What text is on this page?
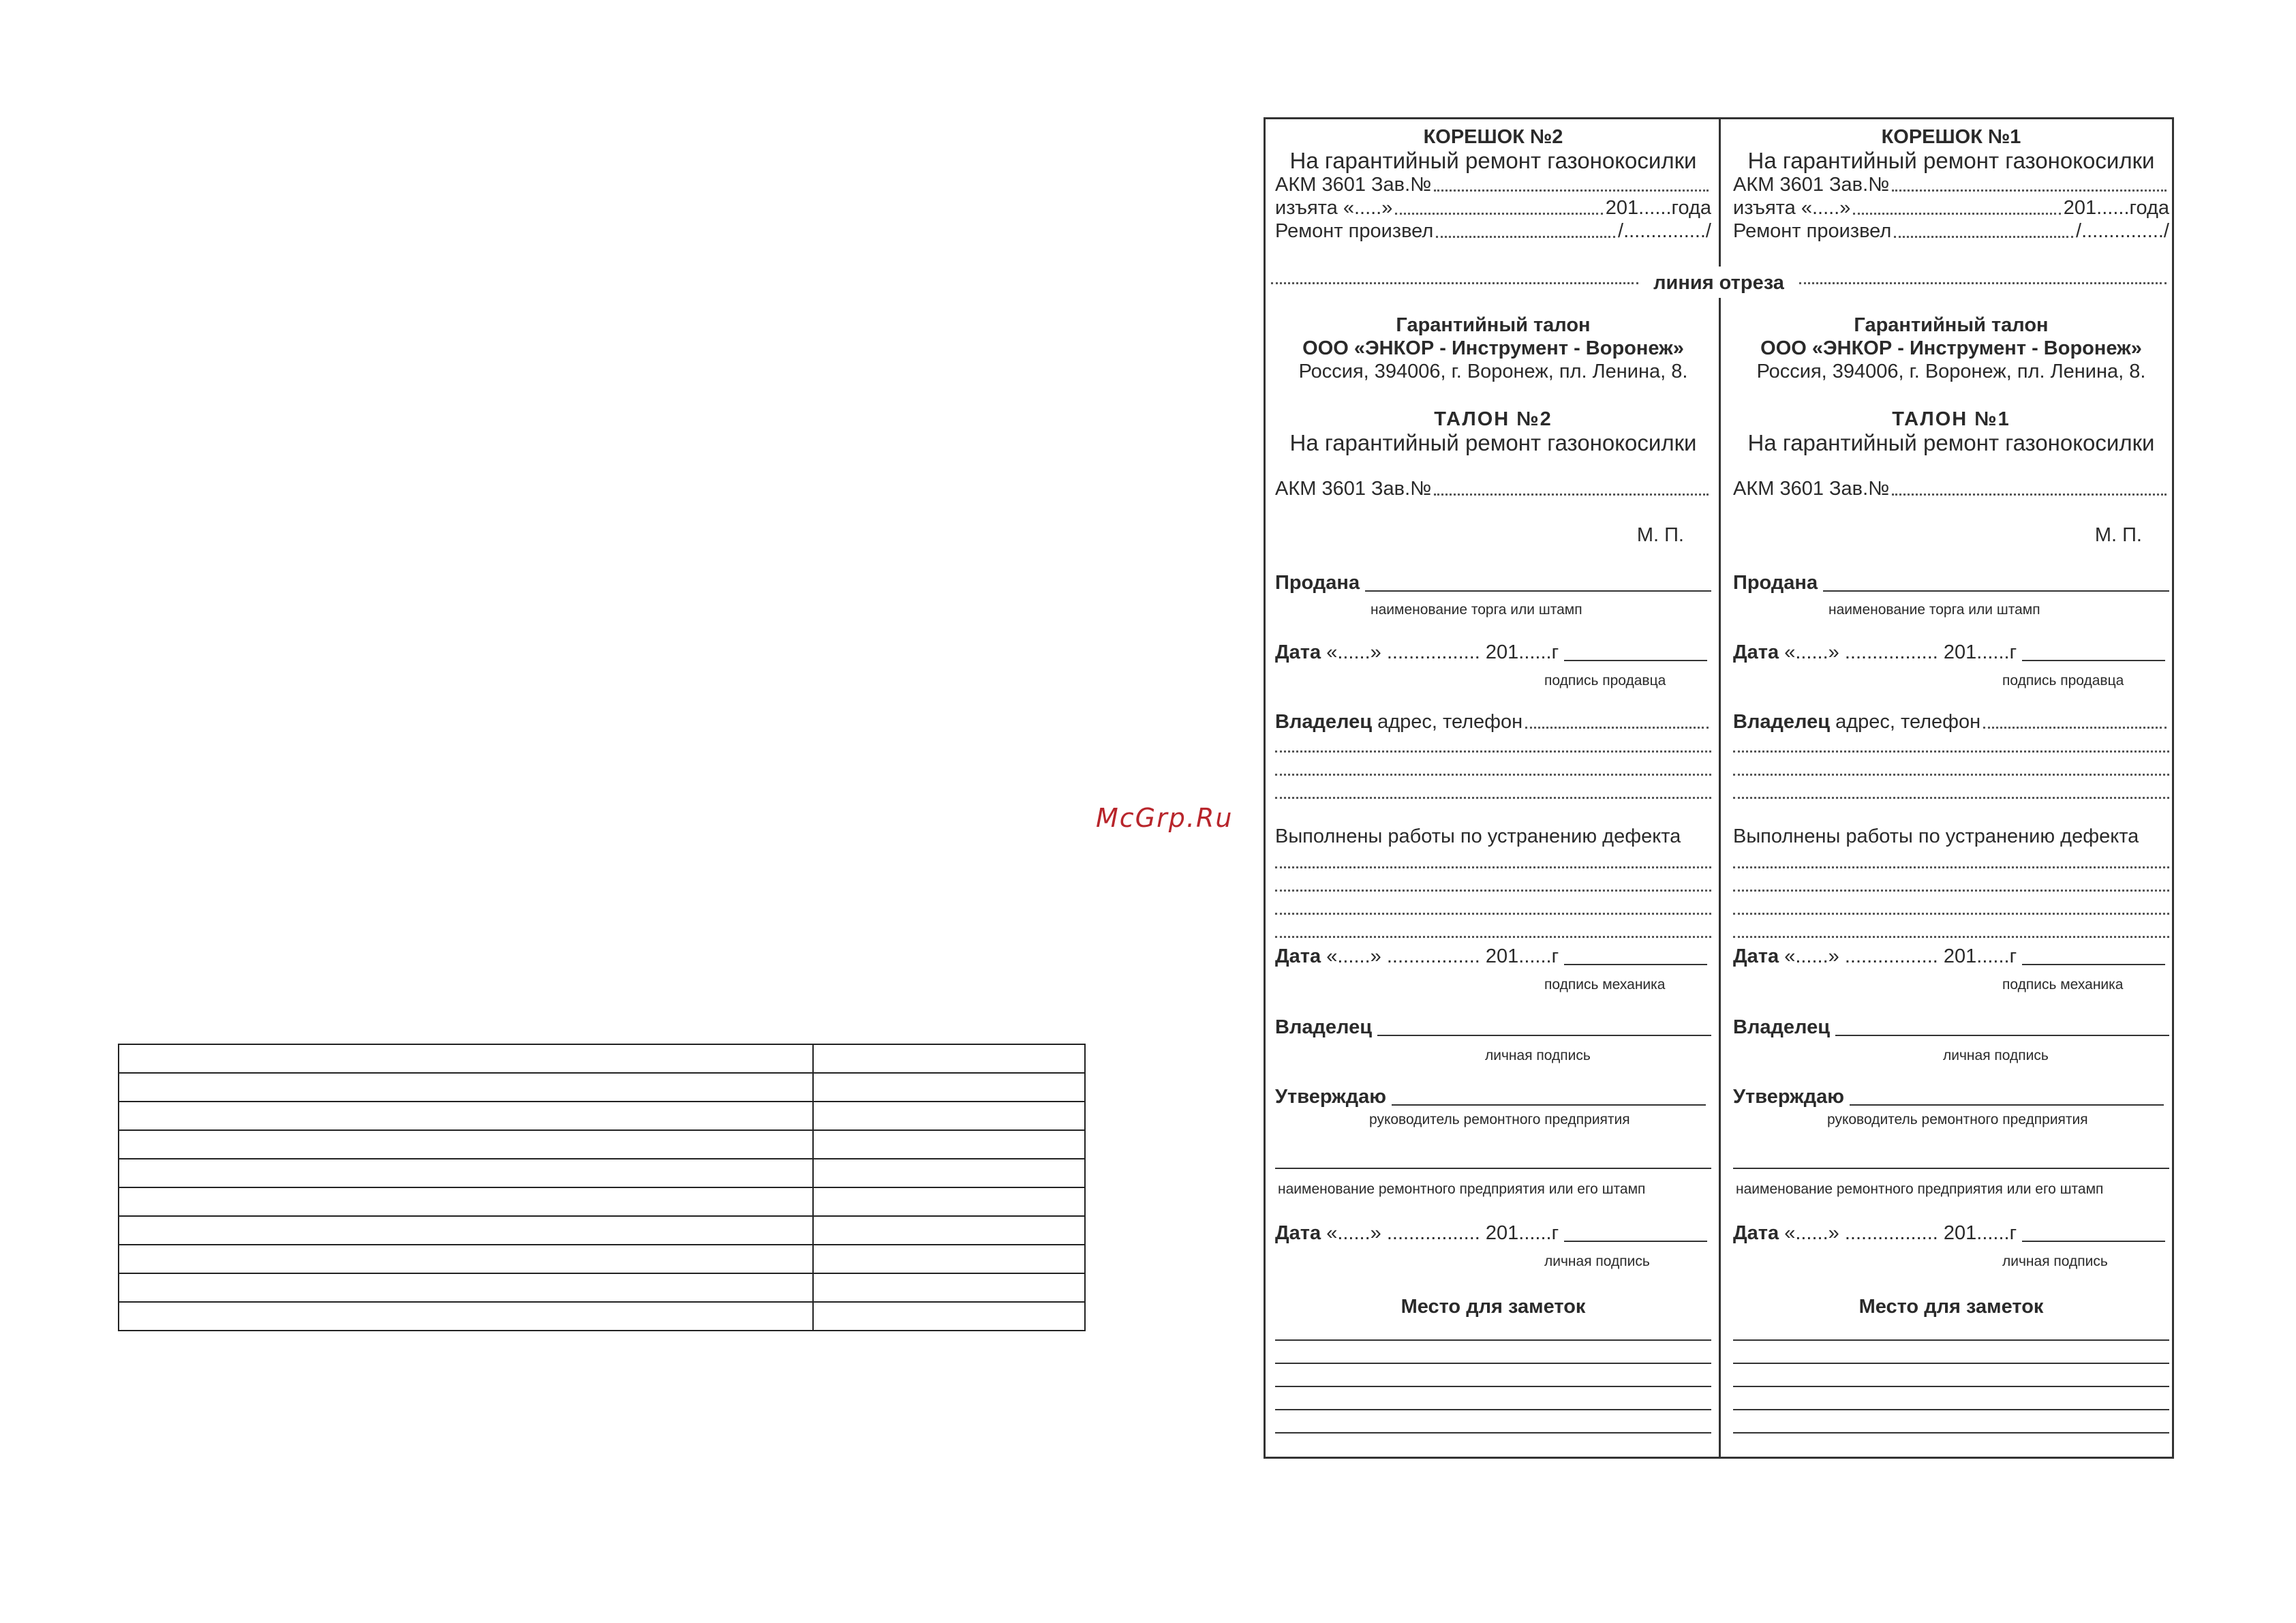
McGrp.Ru
линия отреза
КОРЕШОК №2
На гарантийный ремонт газонокосилки
АКМ 3601 Зав.№
изъята «.....»	201......года
Ремонт произвел	/.............../
Гарантийный талон
ООО «ЭНКОР - Инструмент - Воронеж»
Россия, 394006, г. Воронеж, пл. Ленина, 8.
ТАЛОН №2
На гарантийный ремонт газонокосилки
АКМ 3601 Зав.№
М. П.
Продана
наименование торга или штамп
Дата
«......» ................. 201......г
подпись продавца
Владелец
адрес, телефон
Выполнены работы по устранению дефекта
Дата
«......» ................. 201......г
подпись механика
Владелец
личная подпись
Утверждаю
руководитель ремонтного предприятия
наименование ремонтного предприятия или его штамп
Дата
«......» ................. 201......г
личная подпись
Место для заметок
КОРЕШОК №1
На гарантийный ремонт газонокосилки
АКМ 3601 Зав.№
изъята «.....»	201......года
Ремонт произвел	/.............../
Гарантийный талон
ООО «ЭНКОР - Инструмент - Воронеж»
Россия, 394006, г. Воронеж, пл. Ленина, 8.
ТАЛОН №1
На гарантийный ремонт газонокосилки
АКМ 3601 Зав.№
М. П.
Продана
наименование торга или штамп
Дата
«......» ................. 201......г
подпись продавца
Владелец
адрес, телефон
Выполнены работы по устранению дефекта
Дата
«......» ................. 201......г
подпись механика
Владелец
личная подпись
Утверждаю
руководитель ремонтного предприятия
наименование ремонтного предприятия или его штамп
Дата
«......» ................. 201......г
личная подпись
Место для заметок
